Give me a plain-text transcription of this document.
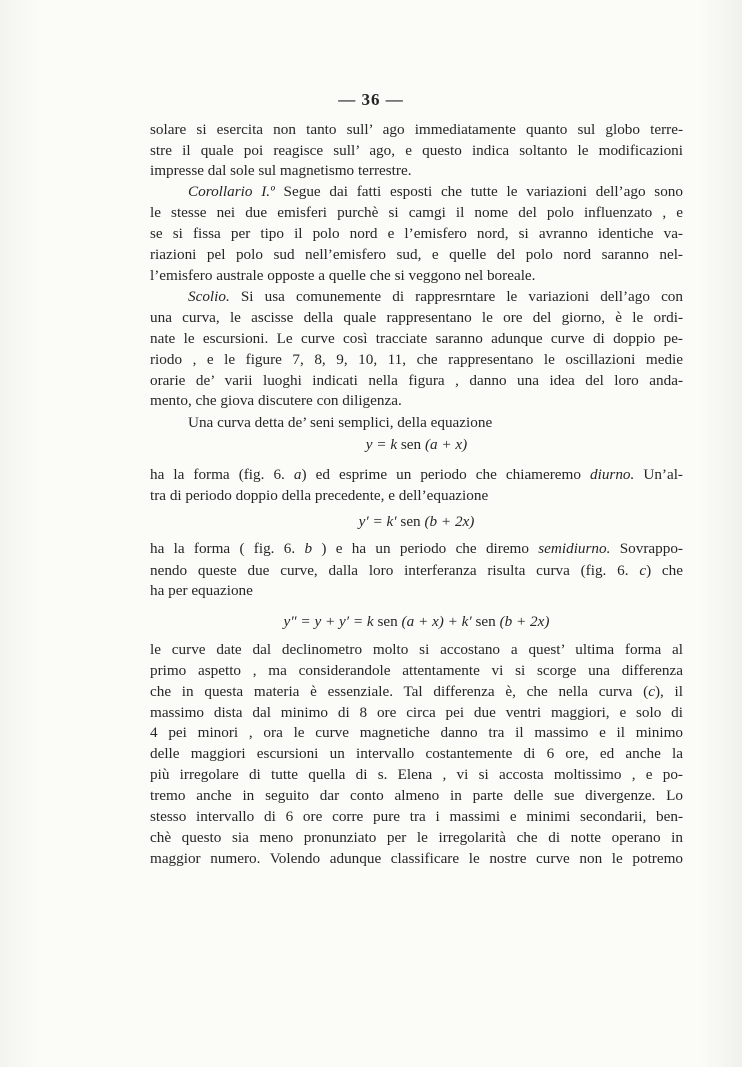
— 36 —
solare si esercita non tanto sull’ ago immediatamente quanto sul globo terre-
stre il quale poi reagisce sull’ ago, e questo indica soltanto le modificazioni
impresse dal sole sul magnetismo terrestre.
Corollario I.º Segue dai fatti esposti che tutte le variazioni dell’ago sono
le stesse nei due emisferi purchè si camgi il nome del polo influenzato , e
se si fissa per tipo il polo nord e l’emisfero nord, si avranno identiche va-
riazioni pel polo sud nell’emisfero sud, e quelle del polo nord saranno nel-
l’emisfero australe opposte a quelle che si veggono nel boreale.
Scolio. Si usa comunemente di rappresrntare le variazioni dell’ago con
una curva, le ascisse della quale rappresentano le ore del giorno, è le ordi-
nate le escursioni. Le curve così tracciate saranno adunque curve di doppio pe-
riodo , e le figure 7, 8, 9, 10, 11, che rappresentano le oscillazioni medie
orarie de’ varii luoghi indicati nella figura , danno una idea del loro anda-
mento, che giova discutere con diligenza.
Una curva detta de’ seni semplici, della equazione
y = k sen (a + x)
ha la forma (fig. 6. a) ed esprime un periodo che chiameremo diurno. Un’al-
tra di periodo doppio della precedente, e dell’equazione
y′ = k′ sen (b + 2x)
ha la forma ( fig. 6. b ) e ha un periodo che diremo semidiurno. Sovrappo-
nendo queste due curve, dalla loro interferanza risulta curva (fig. 6. c) che
ha per equazione
y″ = y + y′ = k sen (a + x) + k′ sen (b + 2x)
le curve date dal declinometro molto si accostano a quest’ ultima forma al
primo aspetto , ma considerandole attentamente vi si scorge una differenza
che in questa materia è essenziale. Tal differenza è, che nella curva (c), il
massimo dista dal minimo di 8 ore circa pei due ventri maggiori, e solo di
4 pei minori , ora le curve magnetiche danno tra il massimo e il minimo
delle maggiori escursioni un intervallo costantemente di 6 ore, ed anche la
più irregolare di tutte quella di s. Elena , vi si accosta moltissimo , e po-
tremo anche in seguito dar conto almeno in parte delle sue divergenze. Lo
stesso intervallo di 6 ore corre pure tra i massimi e minimi secondarii, ben-
chè questo sia meno pronunziato per le irregolarità che di notte operano in
maggior numero. Volendo adunque classificare le nostre curve non le potremo
